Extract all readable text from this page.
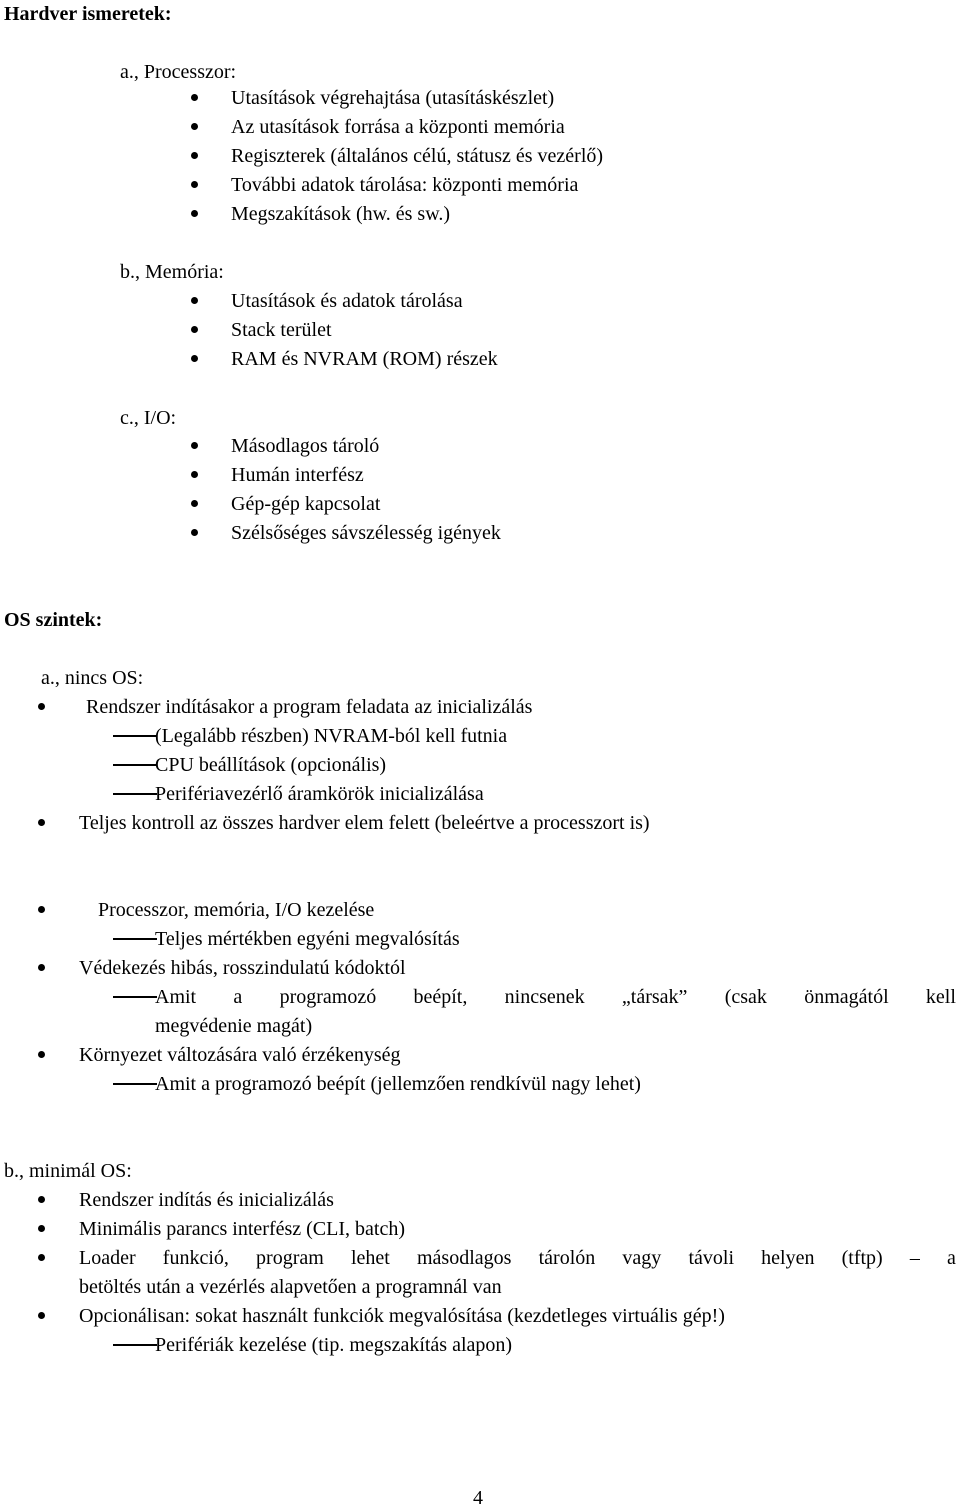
Hardver ismeretek:
a., Processzor:
Utasítások végrehajtása (utasításkészlet)
Az utasítások forrása a központi memória
Regiszterek (általános célú, státusz és vezérlő)
További adatok tárolása: központi memória
Megszakítások (hw. és sw.)
b., Memória:
Utasítások és adatok tárolása
Stack terület
RAM és NVRAM (ROM) részek
c., I/O:
Másodlagos tároló
Humán interfész
Gép-gép kapcsolat
Szélsőséges sávszélesség igények
OS szintek:
a., nincs OS:
Rendszer indításakor a program feladata az inicializálás
(Legalább részben) NVRAM-ból kell futnia
CPU beállítások (opcionális)
Perifériavezérlő áramkörök inicializálása
Teljes kontroll az összes hardver elem felett (beleértve a processzort is)
Processzor, memória, I/O kezelése
Teljes mértékben egyéni megvalósítás
Védekezés hibás, rosszindulatú kódoktól
Amit a programozó beépít, nincsenek „társak” (csak önmagától kell
megvédenie magát)
Környezet változására való érzékenység
Amit a programozó beépít (jellemzően rendkívül nagy lehet)
b., minimál OS:
Rendszer indítás és inicializálás
Minimális parancs interfész (CLI, batch)
Loader funkció, program lehet másodlagos tárolón vagy távoli helyen (tftp) – a
betöltés után a vezérlés alapvetően a programnál van
Opcionálisan: sokat használt funkciók megvalósítása (kezdetleges virtuális gép!)
Perifériák kezelése (tip. megszakítás alapon)
4
